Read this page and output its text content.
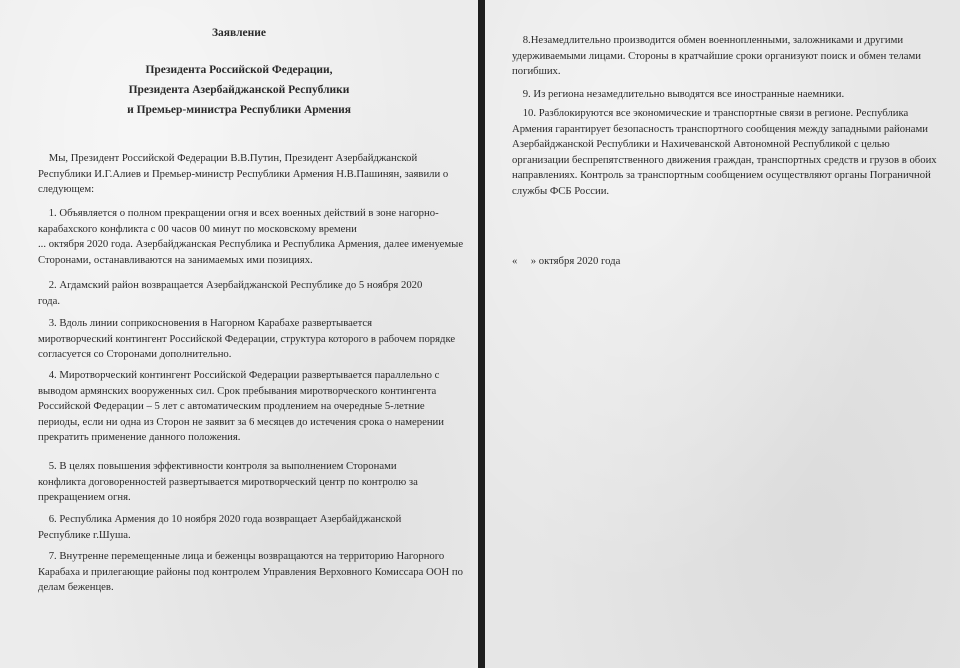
Заявление
Президента Российской Федерации,
Президента Азербайджанской Республики
и Премьер-министра Республики Армения
Мы, Президент Российской Федерации В.В.Путин, Президент Азербайджанской
Республики И.Г.Алиев и Премьер-министр Республики Армения Н.В.Пашинян, заявили о
следующем:
1. Объявляется о полном прекращении огня и всех военных действий в зоне нагорно-
карабахского конфликта с 00 часов 00 минут по московскому времени
... октября 2020 года. Азербайджанская Республика и Республика Армения, далее именуемые
Сторонами, останавливаются на занимаемых ими позициях.
2. Агдамский район возвращается Азербайджанской Республике до 5 ноября 2020
года.
3. Вдоль линии соприкосновения в Нагорном Карабахе развертывается
миротворческий контингент Российской Федерации, структура которого в рабочем порядке
согласуется со Сторонами дополнительно.
4. Миротворческий контингент Российской Федерации развертывается параллельно с
выводом армянских вооруженных сил. Срок пребывания миротворческого контингента
Российской Федерации – 5 лет с автоматическим продлением на очередные 5-летние
периоды, если ни одна из Сторон не заявит за 6 месяцев до истечения срока о намерении
прекратить применение данного положения.
5. В целях повышения эффективности контроля за выполнением Сторонами
конфликта договоренностей развертывается миротворческий центр по контролю за
прекращением огня.
6. Республика Армения до 10 ноября 2020 года возвращает Азербайджанской
Республике г.Шуша.
7. Внутренне перемещенные лица и беженцы возвращаются на территорию Нагорного
Карабаха и прилегающие районы под контролем Управления Верховного Комиссара ООН по
делам беженцев.
8.Незамедлительно производится обмен военнопленными, заложниками и другими
удерживаемыми лицами. Стороны в кратчайшие сроки организуют поиск и обмен телами
погибших.
9. Из региона незамедлительно выводятся все иностранные наемники.
10. Разблокируются все экономические и транспортные связи в регионе. Республика
Армения гарантирует безопасность транспортного сообщения между западными районами
Азербайджанской Республики и Нахичеванской Автономной Республикой с целью
организации беспрепятственного движения граждан, транспортных средств и грузов в обоих
направлениях. Контроль за транспортным сообщением осуществляют органы Пограничной
службы ФСБ России.
«     » октября 2020 года
